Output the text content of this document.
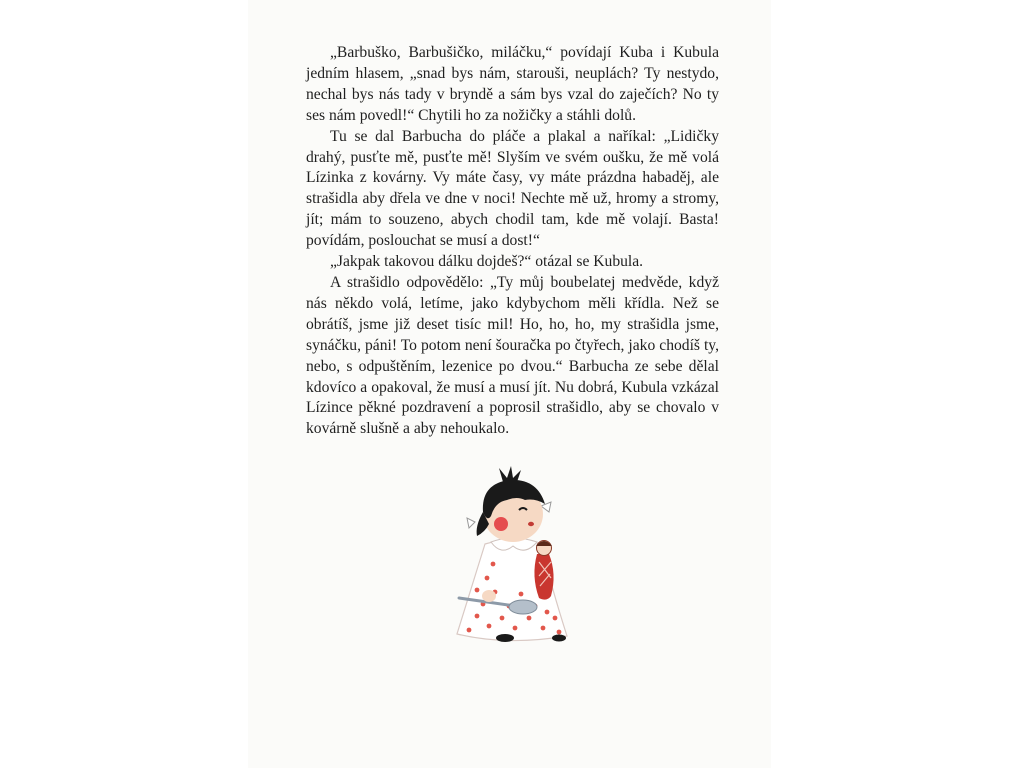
„Barbuško, Barbušičko, miláčku,“ povídají Kuba i Kubula jedním hlasem, „snad bys nám, starouši, neuplách? Ty nestydo, nechal bys nás tady v bryndě a sám bys vzal do zaječích? No ty ses nám povedl!“ Chytili ho za nožičky a stáhli dolů.

Tu se dal Barbucha do pláče a plakal a naříkal: „Lidičky drahý, pusťte mě, pusťte mě! Slyším ve svém oušku, že mě volá Lízinka z kovárny. Vy máte časy, vy máte prázdna habaděj, ale strašidla aby dřela ve dne v noci! Nechte mě už, hromy a stromy, jít; mám to souzeno, abych chodil tam, kde mě volají. Basta! povídám, poslouchat se musí a dost!“

„Jakpak takovou dálku dojdeš?“ otázal se Kubula.

A strašidlo odpovědělo: „Ty můj boubelatej medvěde, když nás někdo volá, letíme, jako kdybychom měli křídla. Než se obrátíš, jsme již deset tisíc mil! Ho, ho, ho, my strašidla jsme, synáčku, páni! To potom není šouračka po čtyřech, jako chodíš ty, nebo, s odpuštěním, lezenice po dvou.“ Barbucha ze sebe dělal kdovíco a opakoval, že musí a musí jít. Nu dobrá, Kubula vzkázal Lízince pěkné pozdravení a poprosil strašidlo, aby se chovalo v kovárně slušně a aby nehoukalo.
